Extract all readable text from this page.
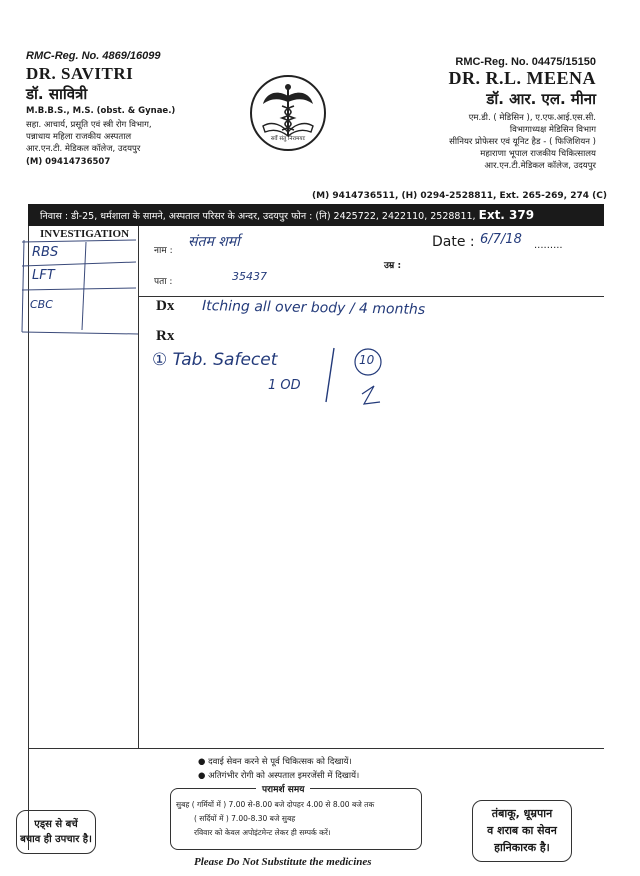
RMC-Reg. No. 4869/16099
DR. SAVITRI
डॉ. सावित्री
M.B.B.S., M.S. (obst. & Gynae.)
सहा. आचार्य, प्रसूति एवं स्त्री रोग विभाग,
पन्नाधाय महिला राजकीय अस्पताल
आर.एन.टी. मेडिकल कॉलेज, उदयपुर
(M) 09414736507
सर्वे संतु निरामयाः
RMC-Reg. No. 04475/15150
DR. R.L. MEENA
डॉ. आर. एल. मीना
एम.डी. ( मेडिसिन ), ए.एफ.आई.एस.सी.
विभागाध्यक्ष मेडिसिन विभाग
सीनियर प्रोफेसर एवं यूनिट हैड - ( फिजिशियन )
महाराणा भूपाल राजकीय चिकित्सालय
आर.एन.टी.मेडिकल कॉलेज, उदयपुर
(M) 9414736511, (H) 0294-2528811, Ext. 265-269, 274 (C)
निवास : डी-25, धर्मशाला के सामने, अस्पताल परिसर के अन्दर, उदयपुर फोन : (नि) 2425722, 2422110, 2528811, Ext. 379
INVESTIGATION
RBS
LFT
CBC
नाम :
संतम शर्मा
उम्र :
पता :	35437
Date : 6/7/18 .........
Dx Itching all over body / 4 months
Rx
① Tab. Safecet
1 OD
10
● दवाई सेवन करने से पूर्व चिकित्सक को दिखायें।
● अतिगंभीर रोगी को अस्पताल इमरजेंसी में दिखायें।
परामर्श समय
सुबह ( गर्मियों में ) 7.00 से-8.00 बजे दोपहर 4.00 से 8.00 बजे तक
( सर्दियों में ) 7.00-8.30 बजे सुबह
रविवार को केवल अपोइंटमेन्ट लेकर ही सम्पर्क करें।
एड्स से बचें
बचाव ही उपचार है।
तंबाकू, धूम्रपान
व शराब का सेवन
हानिकारक है।
Please Do Not Substitute the medicines
